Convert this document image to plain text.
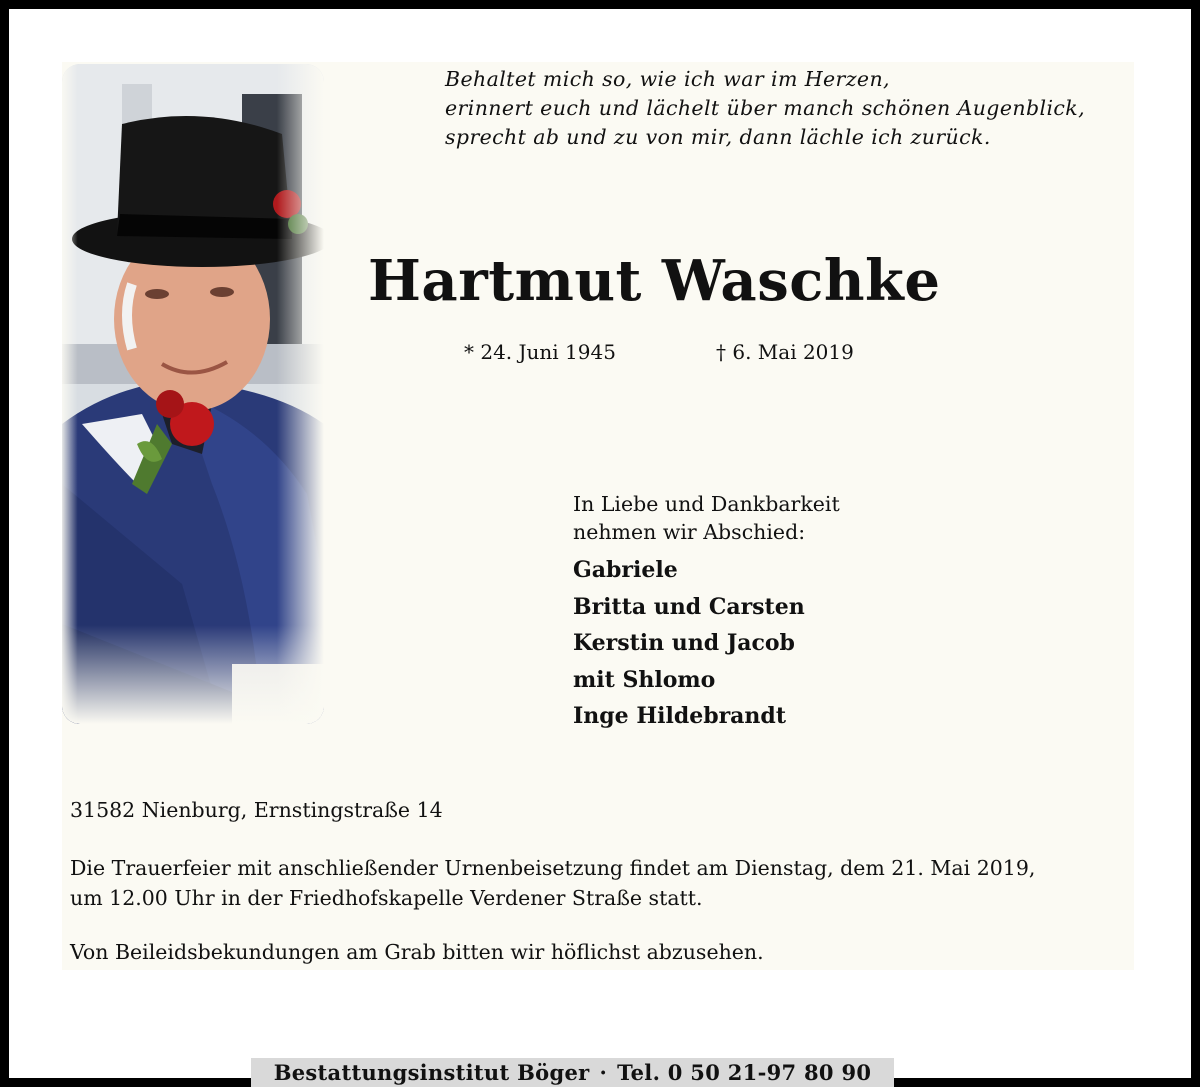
Behaltet mich so, wie ich war im Herzen,
erinnert euch und lächelt über manch schönen Augenblick,
sprecht ab und zu von mir, dann lächle ich zurück.
Hartmut Waschke
* 24. Juni 1945	† 6. Mai 2019
In Liebe und Dankbarkeit
nehmen wir Abschied:
Gabriele
Britta und Carsten
Kerstin und Jacob
mit Shlomo
Inge Hildebrandt
31582 Nienburg, Ernstingstraße 14
Die Trauerfeier mit anschließender Urnenbeisetzung findet am Dienstag, dem 21. Mai 2019,
um 12.00 Uhr in der Friedhofskapelle Verdener Straße statt.
Von Beileidsbekundungen am Grab bitten wir höflichst abzusehen.
Bestattungsinstitut Böger · Tel. 0 50 21-97 80 90
